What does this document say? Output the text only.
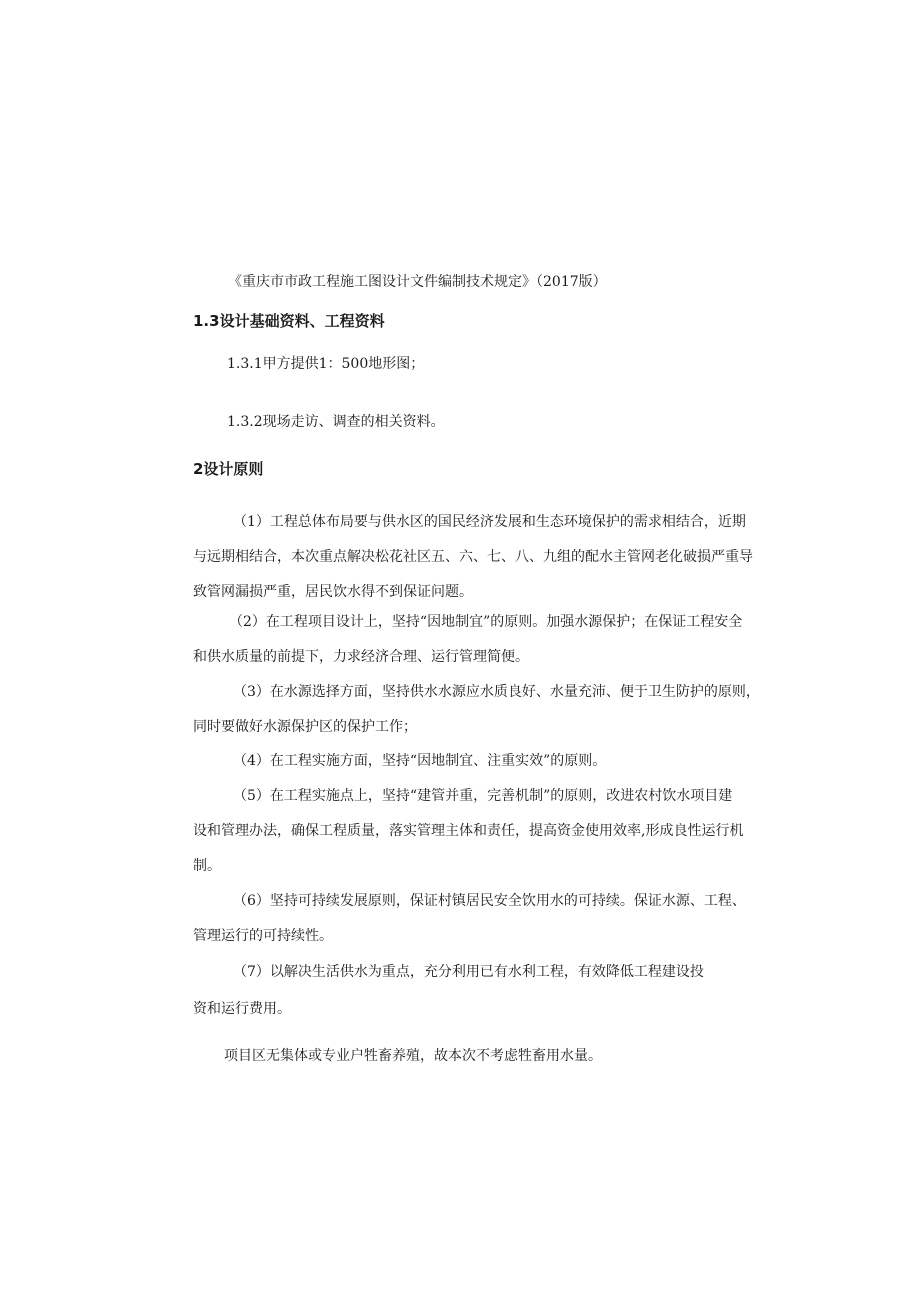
《重庆市市政工程施工图设计文件编制技术规定》（2017版）
1.3设计基础资料、工程资料
1.3.1甲方提供1：500地形图；
1.3.2现场走访、调查的相关资料。
2设计原则
（1）工程总体布局要与供水区的国民经济发展和生态环境保护的需求相结合，近期
与远期相结合，本次重点解决松花社区五、六、七、八、九组的配水主管网老化破损严重导
致管网漏损严重，居民饮水得不到保证问题。
（2）在工程项目设计上，坚持“因地制宜”的原则。加强水源保护；在保证工程安全
和供水质量的前提下，力求经济合理、运行管理简便。
（3）在水源选择方面，坚持供水水源应水质良好、水量充沛、便于卫生防护的原则，
同时要做好水源保护区的保护工作；
（4）在工程实施方面，坚持“因地制宜、注重实效”的原则。
（5）在工程实施点上，坚持“建管并重，完善机制”的原则，改进农村饮水项目建
设和管理办法，确保工程质量，落实管理主体和责任，提高资金使用效率,形成良性运行机
制。
（6）坚持可持续发展原则，保证村镇居民安全饮用水的可持续。保证水源、工程、
管理运行的可持续性。
（7）以解决生活供水为重点，充分利用已有水利工程，有效降低工程建设投
资和运行费用。
项目区无集体或专业户牲畜养殖，故本次不考虑牲畜用水量。
